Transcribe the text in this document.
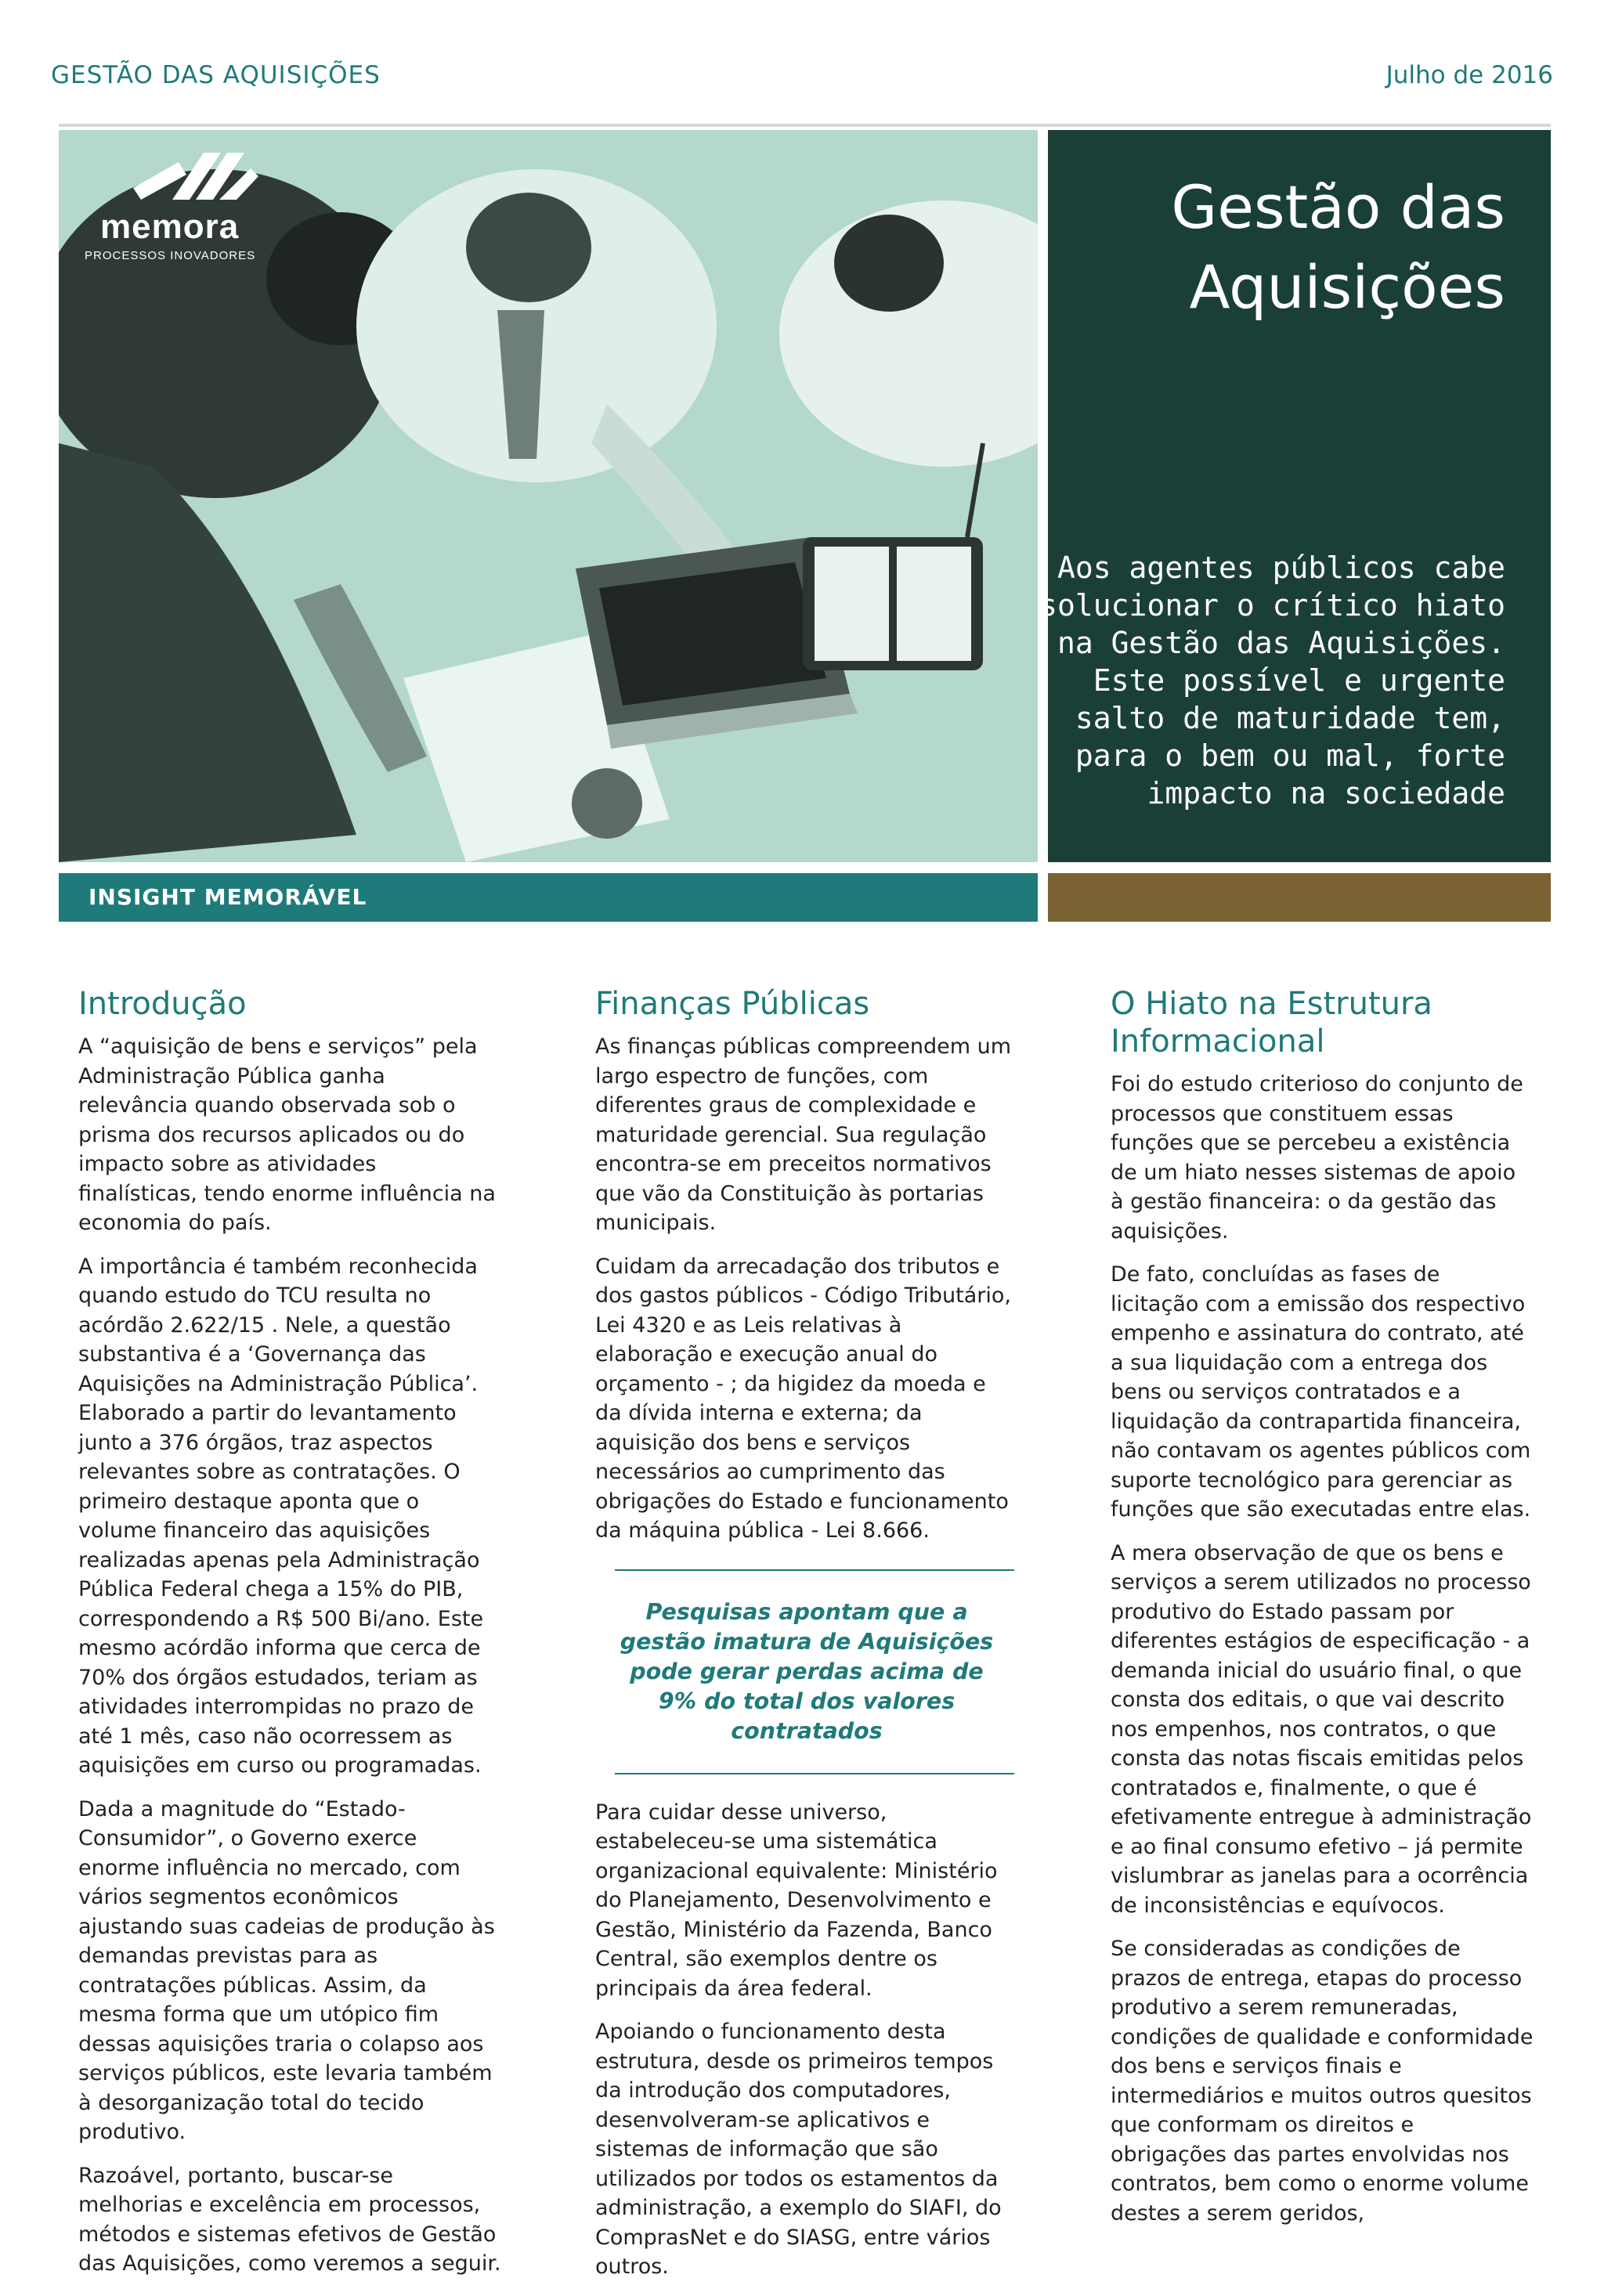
GESTÃO DAS AQUISIÇÕES	Julho de 2016
memora
PROCESSOS INOVADORES
Gestão das Aquisições
Aos agentes públicos cabe solucionar o crítico hiato na Gestão das Aquisições. Este possível e urgente salto de maturidade tem, para o bem ou mal, forte impacto na sociedade
INSIGHT MEMORÁVEL
Introdução

A “aquisição de bens e serviços” pela Administração Pública ganha relevância quando observada sob o prisma dos recursos aplicados ou do impacto sobre as atividades finalísticas, tendo enorme influência na economia do país.

A importância é também reconhecida quando estudo do TCU resulta no acórdão 2.622/15 . Nele, a questão substantiva é a ‘Governança das Aquisições na Administração Pública’. Elaborado a partir do levantamento junto a 376 órgãos, traz aspectos relevantes sobre as contratações. O primeiro destaque aponta que o volume financeiro das aquisições realizadas apenas pela Administração Pública Federal chega a 15% do PIB, correspondendo a R$ 500 Bi/ano. Este mesmo acórdão informa que cerca de 70% dos órgãos estudados, teriam as atividades interrompidas no prazo de até 1 mês, caso não ocorressem as aquisições em curso ou programadas.

Dada a magnitude do “Estado-Consumidor”, o Governo exerce enorme influência no mercado, com vários segmentos econômicos ajustando suas cadeias de produção às demandas previstas para as contratações públicas. Assim, da mesma forma que um utópico fim dessas aquisições traria o colapso aos serviços públicos, este levaria também à desorganização total do tecido produtivo.

Razoável, portanto, buscar-se melhorias e excelência em processos, métodos e sistemas efetivos de Gestão das Aquisições, como veremos a seguir.

Finanças Públicas

As finanças públicas compreendem um largo espectro de funções, com diferentes graus de complexidade e maturidade gerencial. Sua regulação encontra-se em preceitos normativos que vão da Constituição às portarias municipais.

Cuidam da arrecadação dos tributos e dos gastos públicos - Código Tributário, Lei 4320 e as Leis relativas à elaboração e execução anual do orçamento - ; da higidez da moeda e da dívida interna e externa; da aquisição dos bens e serviços necessários ao cumprimento das obrigações do Estado e funcionamento da máquina pública - Lei 8.666.

Pesquisas apontam que a gestão imatura de Aquisições pode gerar perdas acima de 9% do total dos valores contratados

Para cuidar desse universo, estabeleceu-se uma sistemática organizacional equivalente: Ministério do Planejamento, Desenvolvimento e Gestão, Ministério da Fazenda, Banco Central, são exemplos dentre os principais da área federal.

Apoiando o funcionamento desta estrutura, desde os primeiros tempos da introdução dos computadores, desenvolveram-se aplicativos e sistemas de informação que são utilizados por todos os estamentos da administração, a exemplo do SIAFI, do ComprasNet e do SIASG, entre vários outros.

O Hiato na Estrutura Informacional

Foi do estudo criterioso do conjunto de processos que constituem essas funções que se percebeu a existência de um hiato nesses sistemas de apoio à gestão financeira: o da gestão das aquisições.

De fato, concluídas as fases de licitação com a emissão dos respectivo empenho e assinatura do contrato, até a sua liquidação com a entrega dos bens ou serviços contratados e a liquidação da contrapartida financeira, não contavam os agentes públicos com suporte tecnológico para gerenciar as funções que são executadas entre elas.

A mera observação de que os bens e serviços a serem utilizados no processo produtivo do Estado passam por diferentes estágios de especificação - a demanda inicial do usuário final, o que consta dos editais, o que vai descrito nos empenhos, nos contratos, o que consta das notas fiscais emitidas pelos contratados e, finalmente, o que é efetivamente entregue à administração e ao final consumo efetivo – já permite vislumbrar as janelas para a ocorrência de inconsistências e equívocos.

Se consideradas as condições de prazos de entrega, etapas do processo produtivo a serem remuneradas, condições de qualidade e conformidade dos bens e serviços finais e intermediários e muitos outros quesitos que conformam os direitos e obrigações das partes envolvidas nos contratos, bem como o enorme volume destes a serem geridos,
